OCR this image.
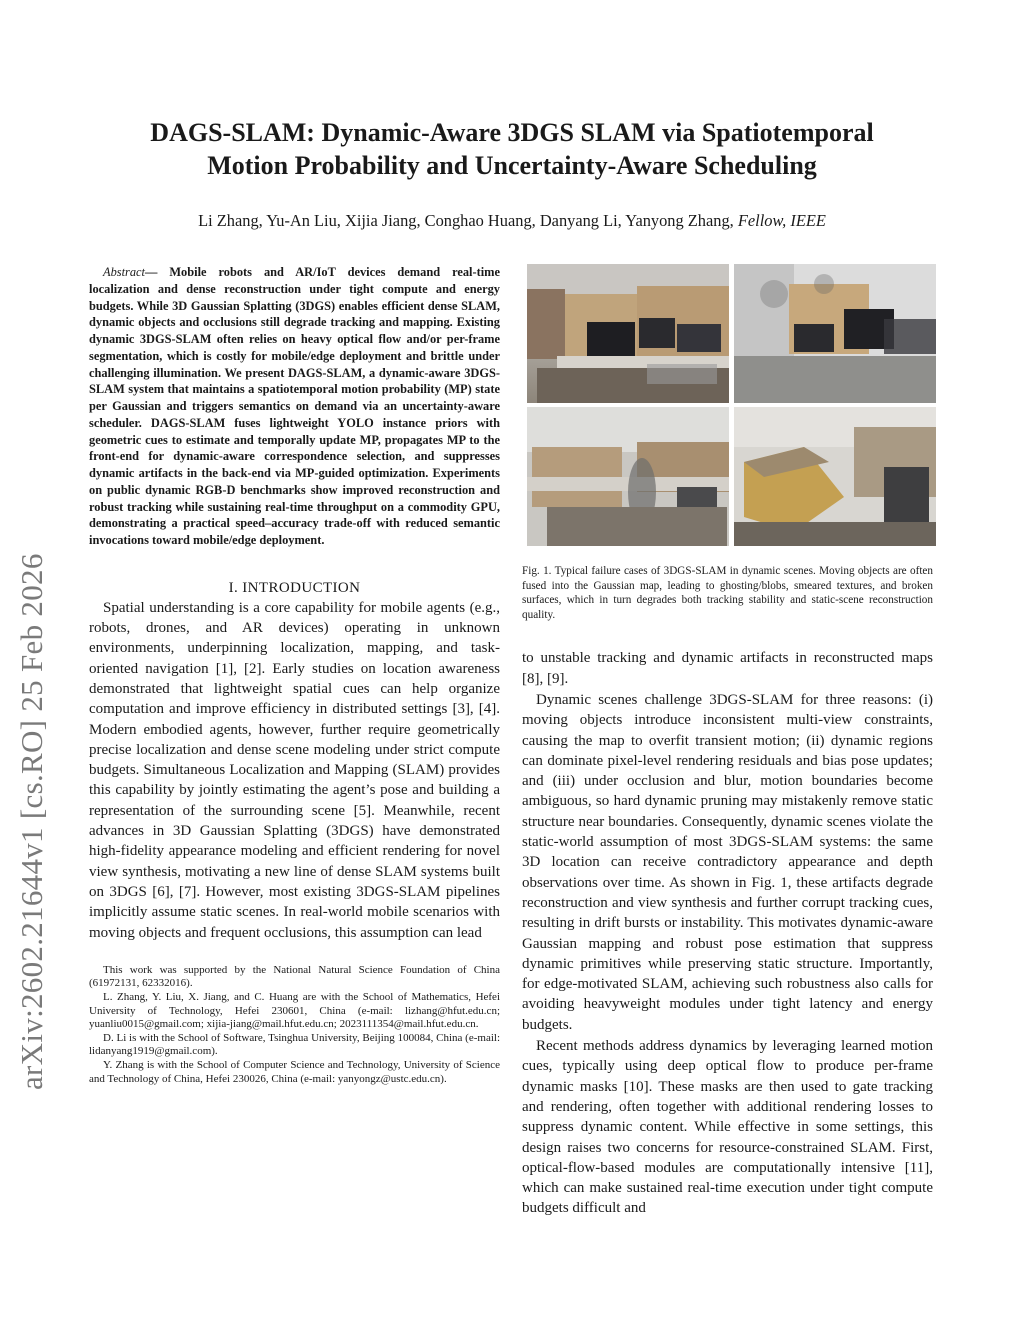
DAGS-SLAM: Dynamic-Aware 3DGS SLAM via Spatiotemporal
Motion Probability and Uncertainty-Aware Scheduling
Li Zhang, Yu-An Liu, Xijia Jiang, Conghao Huang, Danyang Li, Yanyong Zhang, Fellow, IEEE
arXiv:2602.21644v1 [cs.RO] 25 Feb 2026
Abstract— Mobile robots and AR/IoT devices demand real-time localization and dense reconstruction under tight compute and energy budgets. While 3D Gaussian Splatting (3DGS) enables efficient dense SLAM, dynamic objects and occlusions still degrade tracking and mapping. Existing dynamic 3DGS-SLAM often relies on heavy optical flow and/or per-frame segmentation, which is costly for mobile/edge deployment and brittle under challenging illumination. We present DAGS-SLAM, a dynamic-aware 3DGS-SLAM system that maintains a spatiotemporal motion probability (MP) state per Gaussian and triggers semantics on demand via an uncertainty-aware scheduler. DAGS-SLAM fuses lightweight YOLO instance priors with geometric cues to estimate and temporally update MP, propagates MP to the front-end for dynamic-aware correspondence selection, and suppresses dynamic artifacts in the back-end via MP-guided optimization. Experiments on public dynamic RGB-D benchmarks show improved reconstruction and robust tracking while sustaining real-time throughput on a commodity GPU, demonstrating a practical speed–accuracy trade-off with reduced semantic invocations toward mobile/edge deployment.
I. INTRODUCTION

Spatial understanding is a core capability for mobile agents (e.g., robots, drones, and AR devices) operating in unknown environments, underpinning localization, mapping, and task-oriented navigation [1], [2]. Early studies on location awareness demonstrated that lightweight spatial cues can help organize computation and improve efficiency in distributed settings [3], [4]. Modern embodied agents, however, further require geometrically precise localization and dense scene modeling under strict compute budgets. Simultaneous Localization and Mapping (SLAM) provides this capability by jointly estimating the agent’s pose and building a representation of the surrounding scene [5]. Meanwhile, recent advances in 3D Gaussian Splatting (3DGS) have demonstrated high-fidelity appearance modeling and efficient rendering for novel view synthesis, motivating a new line of dense SLAM systems built on 3DGS [6], [7]. However, most existing 3DGS-SLAM pipelines implicitly assume static scenes. In real-world mobile scenarios with moving objects and frequent occlusions, this assumption can lead

This work was supported by the National Natural Science Foundation of China (61972131, 62332016).

L. Zhang, Y. Liu, X. Jiang, and C. Huang are with the School of Mathematics, Hefei University of Technology, Hefei 230601, China (e-mail: lizhang@hfut.edu.cn; yuanliu0015@gmail.com; xijia-jiang@mail.hfut.edu.cn; 2023111354@mail.hfut.edu.cn.

D. Li is with the School of Software, Tsinghua University, Beijing 100084, China (e-mail: lidanyang1919@gmail.com).

Y. Zhang is with the School of Computer Science and Technology, University of Science and Technology of China, Hefei 230026, China (e-mail: yanyongz@ustc.edu.cn).

Fig. 1. Typical failure cases of 3DGS-SLAM in dynamic scenes. Moving objects are often fused into the Gaussian map, leading to ghosting/blobs, smeared textures, and broken surfaces, which in turn degrades both tracking stability and static-scene reconstruction quality.

to unstable tracking and dynamic artifacts in reconstructed maps [8], [9].

Dynamic scenes challenge 3DGS-SLAM for three reasons: (i) moving objects introduce inconsistent multi-view constraints, causing the map to overfit transient motion; (ii) dynamic regions can dominate pixel-level rendering residuals and bias pose updates; and (iii) under occlusion and blur, motion boundaries become ambiguous, so hard dynamic pruning may mistakenly remove static structure near boundaries. Consequently, dynamic scenes violate the static-world assumption of most 3DGS-SLAM systems: the same 3D location can receive contradictory appearance and depth observations over time. As shown in Fig. 1, these artifacts degrade reconstruction and view synthesis and further corrupt tracking cues, resulting in drift bursts or instability. This motivates dynamic-aware Gaussian mapping and robust pose estimation that suppress dynamic primitives while preserving static structure. Importantly, for edge-motivated SLAM, achieving such robustness also calls for avoiding heavyweight modules under tight latency and energy budgets.

Recent methods address dynamics by leveraging learned motion cues, typically using deep optical flow to produce per-frame dynamic masks [10]. These masks are then used to gate tracking and rendering, often together with additional rendering losses to suppress dynamic content. While effective in some settings, this design raises two concerns for resource-constrained SLAM. First, optical-flow-based modules are computationally intensive [11], which can make sustained real-time execution under tight compute budgets difficult and
